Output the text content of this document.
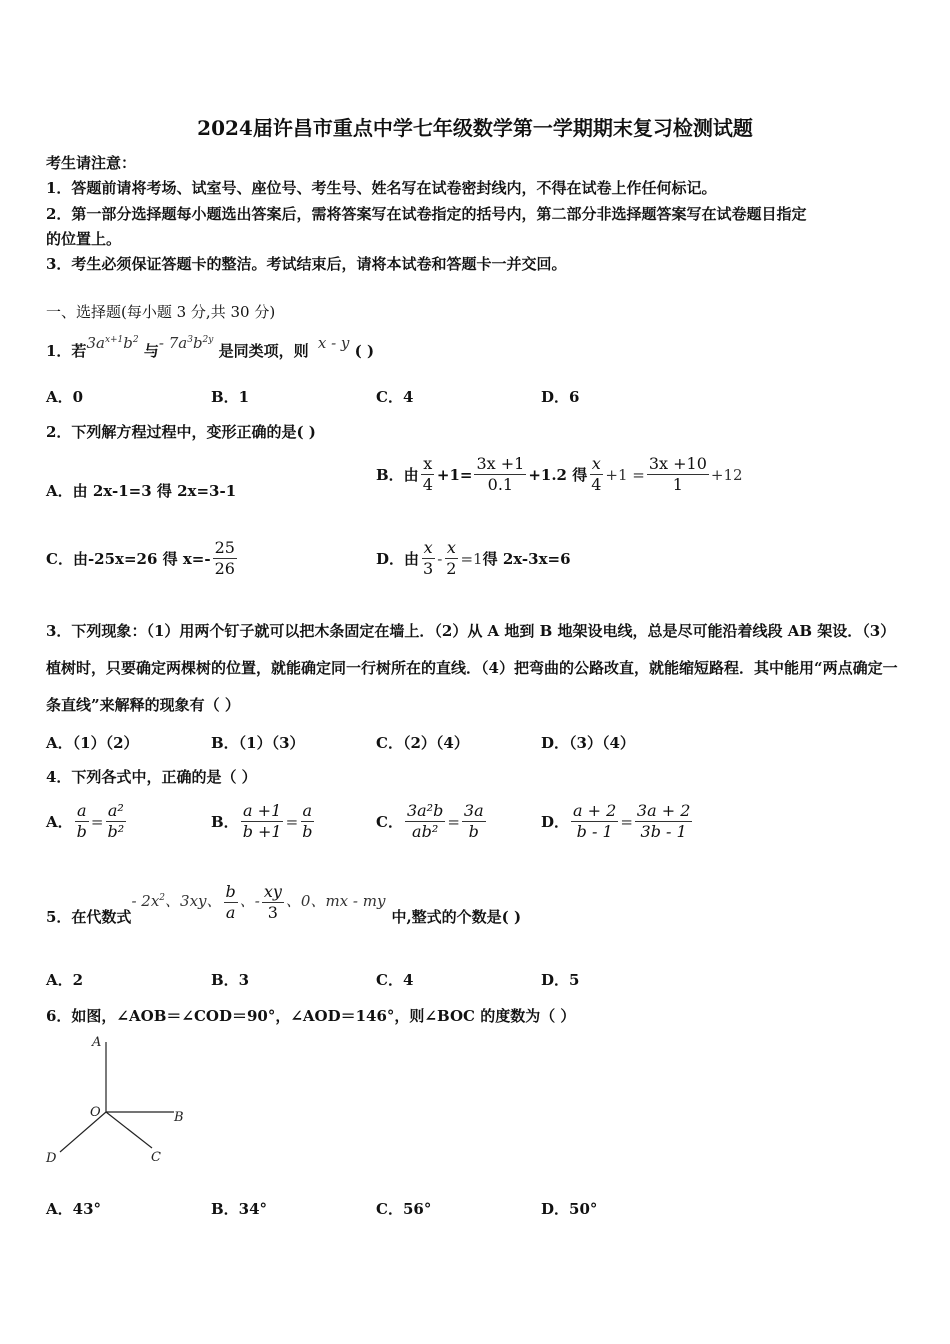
2024届许昌市重点中学七年级数学第一学期期末复习检测试题
考生请注意：
1．答题前请将考场、试室号、座位号、考生号、姓名写在试卷密封线内，不得在试卷上作任何标记。
2．第一部分选择题每小题选出答案后，需将答案写在试卷指定的括号内，第二部分非选择题答案写在试卷题目指定
的位置上。
3．考生必须保证答题卡的整洁。考试结束后，请将本试卷和答题卡一并交回。
一、选择题(每小题 3 分,共 30 分)
1．若$3a^{x+1}b^2$ 与- $7a^3b^{2y}$ 是同类项，则 x - y ( )
A．0	B．1	C．4	D．6
2．下列解方程过程中，变形正确的是( )
A．由 2x-1=3 得 2x=3-1
B．由 $\frac{x}{4} +1= \frac{3x +1}{0.1} +1.2$ 得 $\frac{x}{4} +1 = \frac{3x +10}{1} +12$
C．由-25x=26 得 $x=- \frac{25}{26}$	D．由 $\frac{x}{3} - \frac{x}{2} =1$ 得 2x-3x=6
3．下列现象：（1）用两个钉子就可以把木条固定在墙上．（2）从 A 地到 B 地架设电线，总是尽可能沿着线段 AB 架设．（3）植树时，只要确定两棵树的位置，就能确定同一行树所在的直线．（4）把弯曲的公路改直，就能缩短路程．其中能用“两点确定一条直线”来解释的现象有（ ）
A．（1）（2）	B．（1）（3）	C．（2）（4）	D．（3）（4）
4．下列各式中，正确的是（ ）
A． $\frac{a}{b} = \frac{\text{a²}}{\text{b²}}$	B． $\frac{a +1}{b +1} = \frac{a}{b}$	C． $\frac{\text{3a²b}}{\text{ab²}} = \frac{3a}{b}$	D． $\frac{a + 2}{b - 1} = \frac{3a + 2}{3b - 1}$
5．在代数式
- $2x^2$、3xy、 $\frac{b}{a}$ 、- $\frac{xy}{3}$ 、0、mx - my
中,整式的个数是( )
A．2	B．3	C．4	D．5
6．如图，∠AOB＝∠COD＝90°，∠AOD＝146°，则∠BOC 的度数为（ ）
A
O	B
C
D
A．43°	B．34°	C．56°	D．50°
